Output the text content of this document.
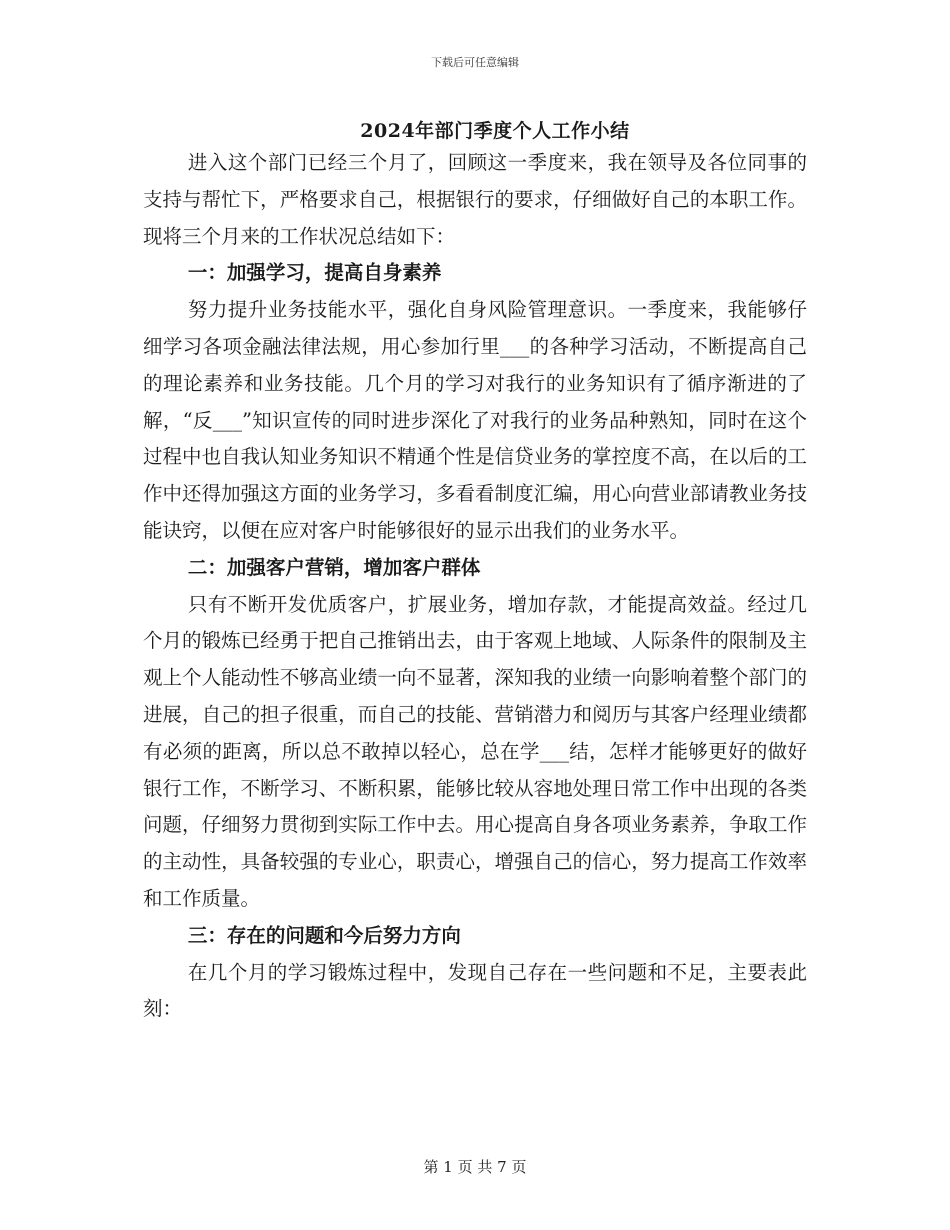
下载后可任意编辑
2024年部门季度个人工作小结

进入这个部门已经三个月了，回顾这一季度来，我在领导及各位同事的支持与帮忙下，严格要求自己，根据银行的要求，仔细做好自己的本职工作。现将三个月来的工作状况总结如下：

一：加强学习，提高自身素养

努力提升业务技能水平，强化自身风险管理意识。一季度来，我能够仔细学习各项金融法律法规，用心参加行里___的各种学习活动，不断提高自己的理论素养和业务技能。几个月的学习对我行的业务知识有了循序渐进的了解，“反___”知识宣传的同时进步深化了对我行的业务品种熟知，同时在这个过程中也自我认知业务知识不精通个性是信贷业务的掌控度不高，在以后的工作中还得加强这方面的业务学习，多看看制度汇编，用心向营业部请教业务技能诀窍，以便在应对客户时能够很好的显示出我们的业务水平。

二：加强客户营销，增加客户群体

只有不断开发优质客户，扩展业务，增加存款，才能提高效益。经过几个月的锻炼已经勇于把自己推销出去，由于客观上地域、人际条件的限制及主观上个人能动性不够高业绩一向不显著，深知我的业绩一向影响着整个部门的进展，自己的担子很重，而自己的技能、营销潜力和阅历与其客户经理业绩都有必须的距离，所以总不敢掉以轻心，总在学___结，怎样才能够更好的做好银行工作，不断学习、不断积累，能够比较从容地处理日常工作中出现的各类问题，仔细努力贯彻到实际工作中去。用心提高自身各项业务素养，争取工作的主动性，具备较强的专业心，职责心，增强自己的信心，努力提高工作效率和工作质量。

三：存在的问题和今后努力方向

在几个月的学习锻炼过程中，发现自己存在一些问题和不足，主要表此刻：

第 1 页 共 7 页
